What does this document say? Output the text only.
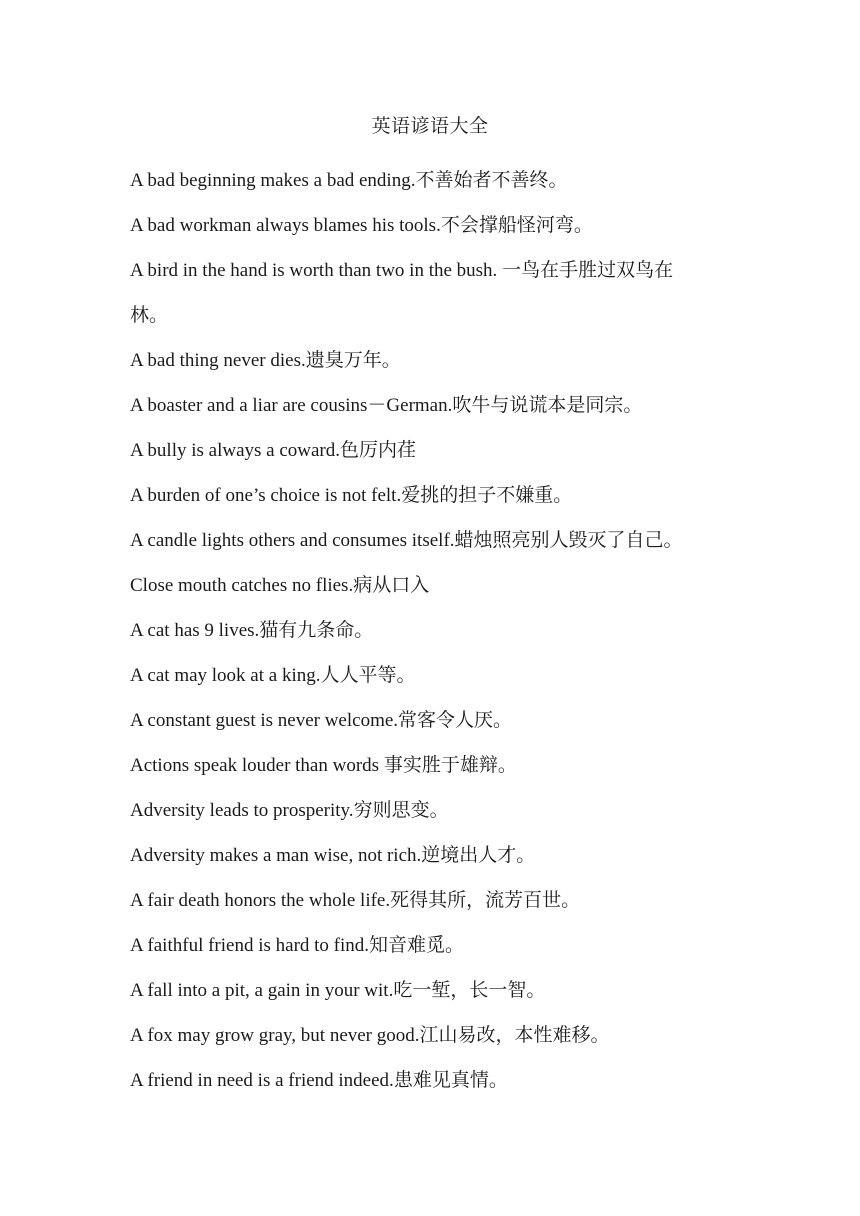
英语谚语大全
A bad beginning makes a bad ending.不善始者不善终。
A bad workman always blames his tools.不会撑船怪河弯。
A bird in the hand is worth than two in the bush. 一鸟在手胜过双鸟在
林。
A bad thing never dies.遗臭万年。
A boaster and a liar are cousins－German.吹牛与说谎本是同宗。
A bully is always a coward.色厉内荏
A burden of one’s choice is not felt.爱挑的担子不嫌重。
A candle lights others and consumes itself.蜡烛照亮别人毁灭了自己。
Close mouth catches no flies.病从口入
A cat has 9 lives.猫有九条命。
A cat may look at a king.人人平等。
A constant guest is never welcome.常客令人厌。
Actions speak louder than words 事实胜于雄辩。
Adversity leads to prosperity.穷则思变。
Adversity makes a man wise, not rich.逆境出人才。
A fair death honors the whole life.死得其所，流芳百世。
A faithful friend is hard to find.知音难觅。
A fall into a pit, a gain in your wit.吃一堑，长一智。
A fox may grow gray, but never good.江山易改，本性难移。
A friend in need is a friend indeed.患难见真情。
